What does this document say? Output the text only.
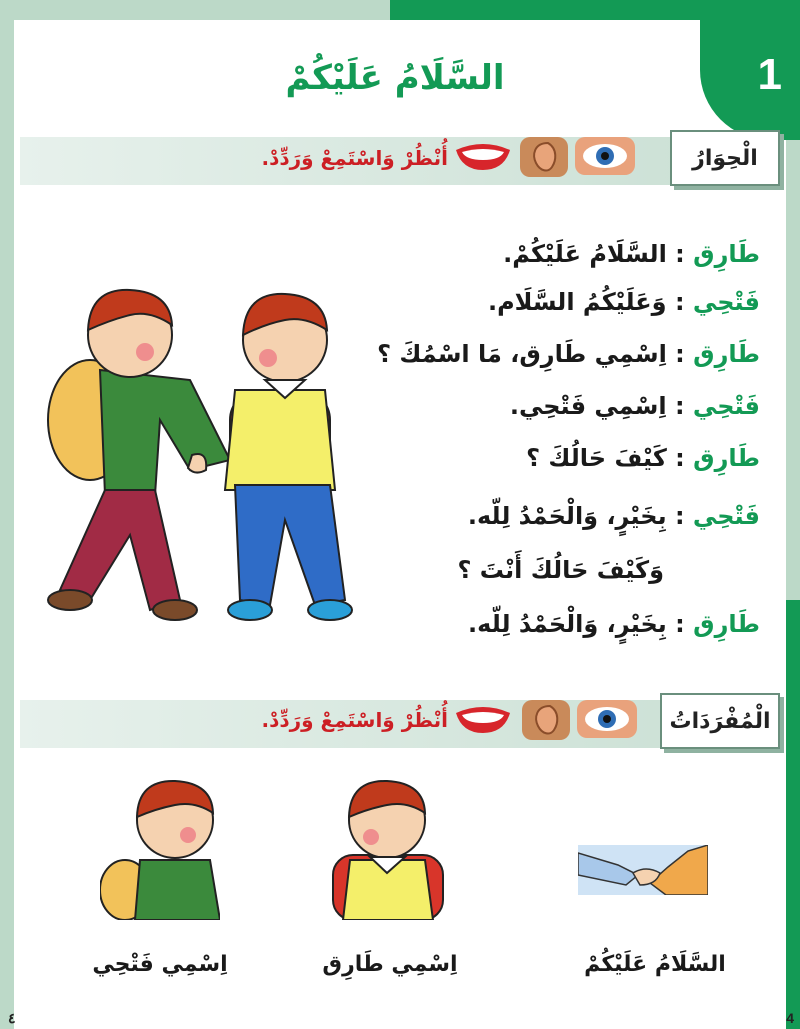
1
السَّلَامُ عَلَيْكُمْ
الْحِوَارُ
أُنْظُرْ وَاسْتَمِعْ وَرَدِّدْ.
طَارِق : السَّلَامُ عَلَيْكُمْ.
فَتْحِي : وَعَلَيْكُمُ السَّلَام.
طَارِق : اِسْمِي طَارِق، مَا اسْمُكَ ؟
فَتْحِي : اِسْمِي فَتْحِي.
طَارِق : كَيْفَ حَالُكَ ؟
فَتْحِي : بِخَيْرٍ، وَالْحَمْدُ لِلّه.
وَكَيْفَ حَالُكَ أَنْتَ ؟
طَارِق : بِخَيْرٍ، وَالْحَمْدُ لِلّه.
الْمُفْرَدَاتُ
أُنْظُرْ وَاسْتَمِعْ وَرَدِّدْ.
السَّلَامُ عَلَيْكُمْ
اِسْمِي طَارِق
اِسْمِي فَتْحِي
٤	4
